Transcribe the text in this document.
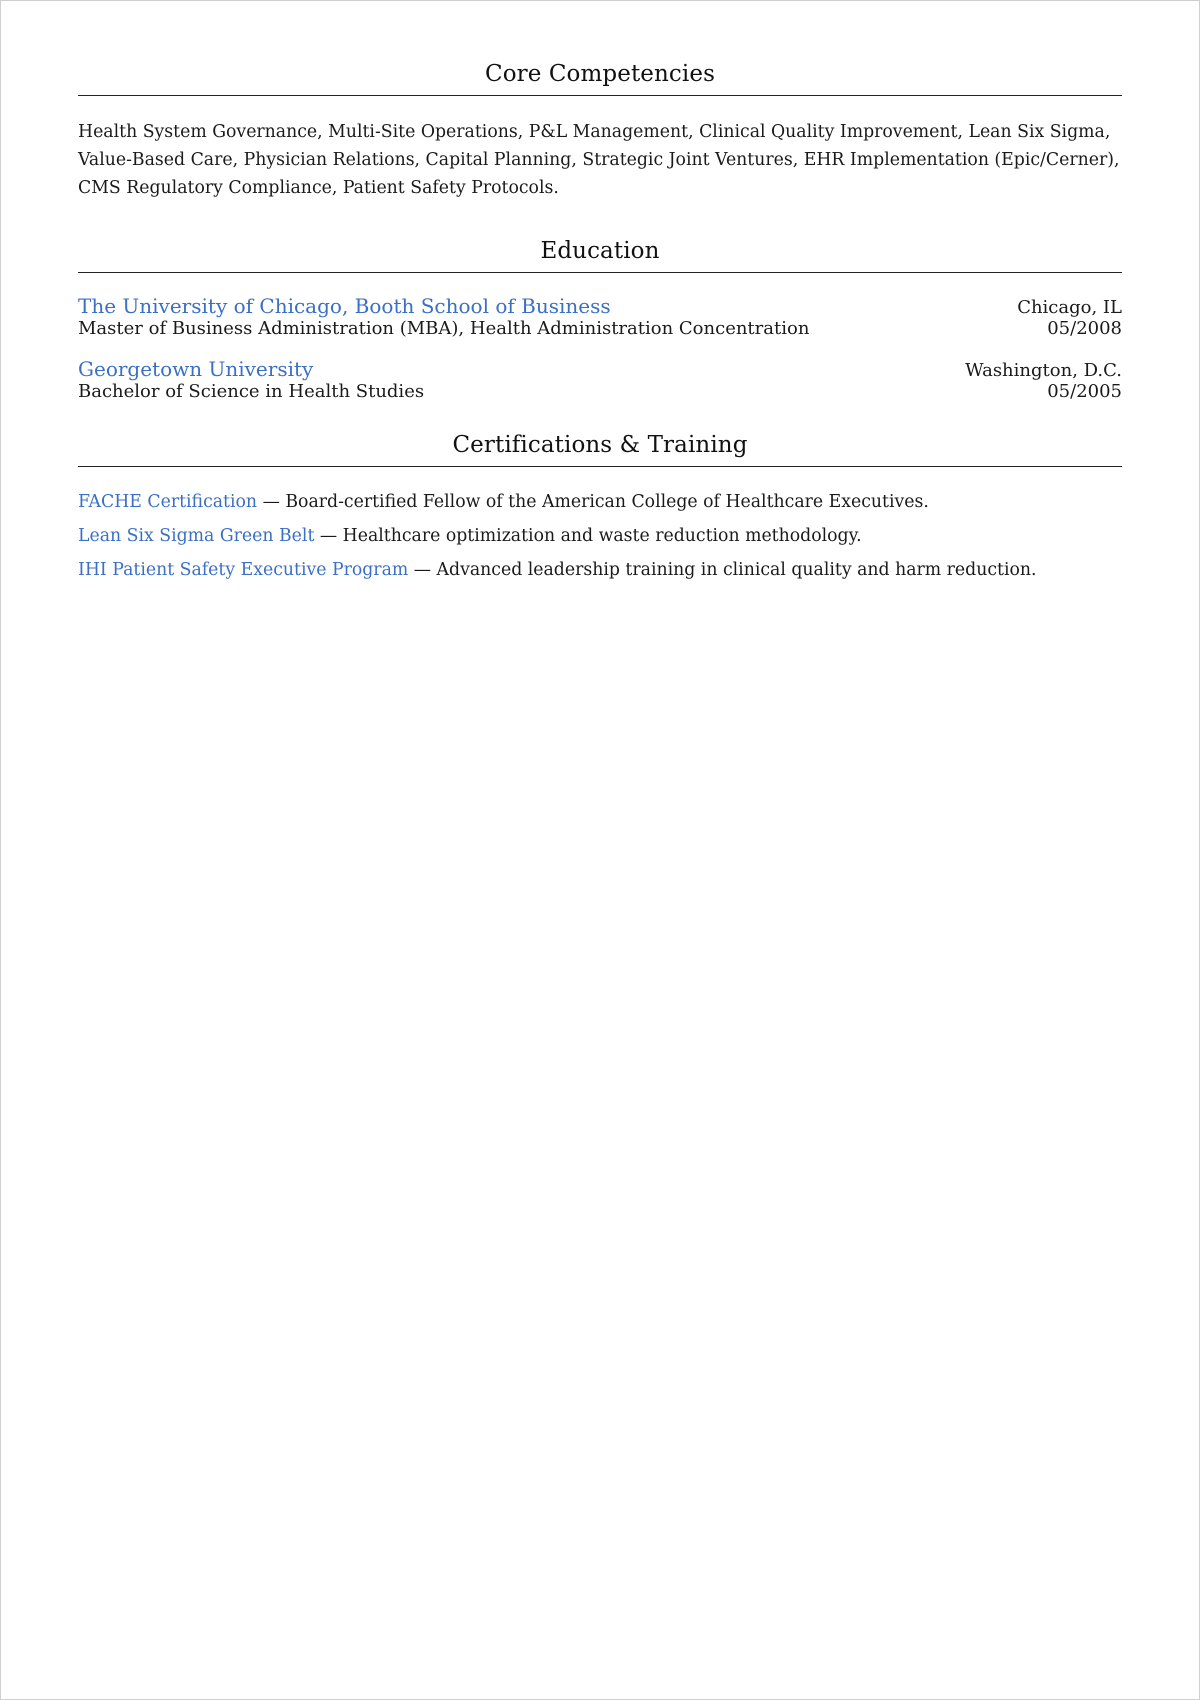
Core Competencies

Health System Governance, Multi-Site Operations, P&L Management, Clinical Quality Improvement, Lean Six Sigma, Value-Based Care, Physician Relations, Capital Planning, Strategic Joint Ventures, EHR Implementation (Epic/Cerner), CMS Regulatory Compliance, Patient Safety Protocols.

Education
The University of Chicago, Booth School of Business	Chicago, IL
Master of Business Administration (MBA), Health Administration Concentration	05/2008
Georgetown University	Washington, D.C.
Bachelor of Science in Health Studies	05/2005
Certifications & Training

FACHE Certification — Board-certified Fellow of the American College of Healthcare Executives.

Lean Six Sigma Green Belt — Healthcare optimization and waste reduction methodology.

IHI Patient Safety Executive Program — Advanced leadership training in clinical quality and harm reduction.
